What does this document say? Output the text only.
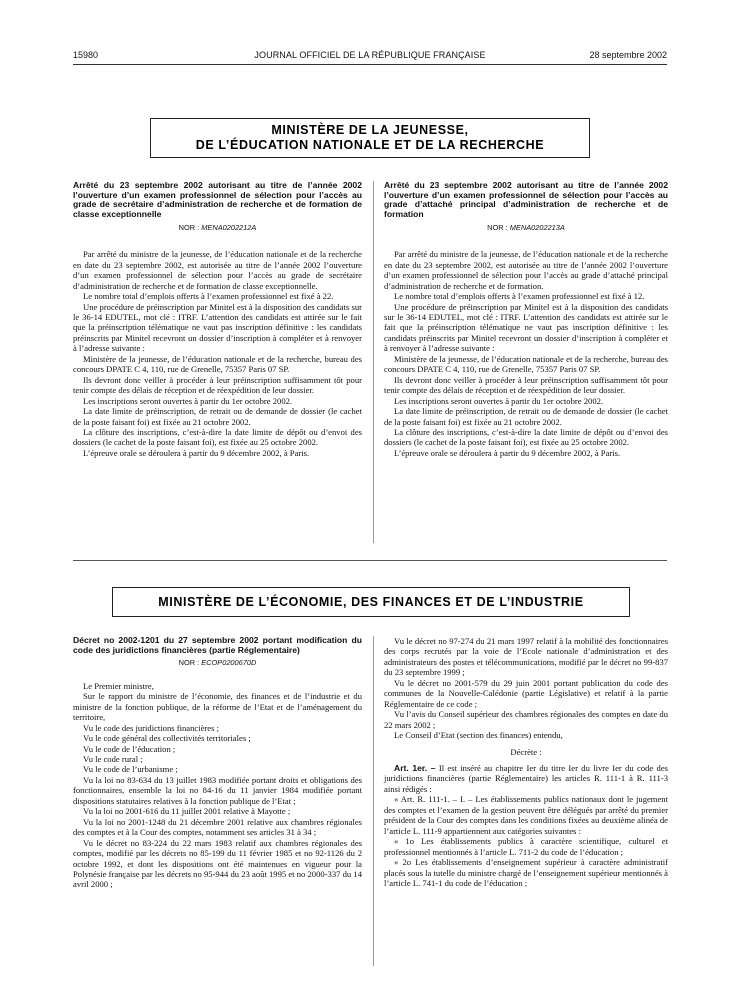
15980	JOURNAL OFFICIEL DE LA RÉPUBLIQUE FRANÇAISE	28 septembre 2002
MINISTÈRE DE LA JEUNESSE,
DE L’ÉDUCATION NATIONALE ET DE LA RECHERCHE
Arrêté du 23 septembre 2002 autorisant au titre de l’année 2002 l’ouverture d’un examen professionnel de sélection pour l’accès au grade de secrétaire d’administration de recherche et de formation de classe exceptionnelle
NOR : MENA0202212A

Par arrêté du ministre de la jeunesse, de l’éducation nationale et de la recherche en date du 23 septembre 2002, est autorisée au titre de l’année 2002 l’ouverture d’un examen professionnel de sélection pour l’accès au grade de secrétaire d’administration de recherche et de formation de classe exceptionnelle.

Le nombre total d’emplois offerts à l’examen professionnel est fixé à 22.

Une procédure de préinscription par Minitel est à la disposition des candidats sur le 36-14 EDUTEL, mot clé : ITRF. L’attention des candidats est attirée sur le fait que la préinscription télématique ne vaut pas inscription définitive : les candidats préinscrits par Minitel recevront un dossier d’inscription à compléter et à renvoyer à l’adresse suivante :

Ministère de la jeunesse, de l’éducation nationale et de la recherche, bureau des concours DPATE C 4, 110, rue de Grenelle, 75357 Paris 07 SP.

Ils devront donc veiller à procéder à leur préinscription suffisamment tôt pour tenir compte des délais de réception et de réexpédition de leur dossier.

Les inscriptions seront ouvertes à partir du 1er octobre 2002.

La date limite de préinscription, de retrait ou de demande de dossier (le cachet de la poste faisant foi) est fixée au 21 octobre 2002.

La clôture des inscriptions, c’est-à-dire la date limite de dépôt ou d’envoi des dossiers (le cachet de la poste faisant foi), est fixée au 25 octobre 2002.

L’épreuve orale se déroulera à partir du 9 décembre 2002, à Paris.

Arrêté du 23 septembre 2002 autorisant au titre de l’année 2002 l’ouverture d’un examen professionnel de sélection pour l’accès au grade d’attaché principal d’administration de recherche et de formation
NOR : MENA0202213A

Par arrêté du ministre de la jeunesse, de l’éducation nationale et de la recherche en date du 23 septembre 2002, est autorisée au titre de l’année 2002 l’ouverture d’un examen professionnel de sélection pour l’accès au grade d’attaché principal d’administration de recherche et de formation.

Le nombre total d’emplois offerts à l’examen professionnel est fixé à 12.

Une procédure de préinscription par Minitel est à la disposition des candidats sur le 36-14 EDUTEL, mot clé : ITRF. L’attention des candidats est attirée sur le fait que la préinscription télématique ne vaut pas inscription définitive : les candidats préinscrits par Minitel recevront un dossier d’inscription à compléter et à renvoyer à l’adresse suivante :

Ministère de la jeunesse, de l’éducation nationale et de la recherche, bureau des concours DPATE C 4, 110, rue de Grenelle, 75357 Paris 07 SP.

Ils devront donc veiller à procéder à leur préinscription suffisamment tôt pour tenir compte des délais de réception et de réexpédition de leur dossier.

Les inscriptions seront ouvertes à partir du 1er octobre 2002.

La date limite de préinscription, de retrait ou de demande de dossier (le cachet de la poste faisant foi) est fixée au 21 octobre 2002.

La clôture des inscriptions, c’est-à-dire la date limite de dépôt ou d’envoi des dossiers (le cachet de la poste faisant foi), est fixée au 25 octobre 2002.

L’épreuve orale se déroulera à partir du 9 décembre 2002, à Paris.

MINISTÈRE DE L’ÉCONOMIE, DES FINANCES ET DE L’INDUSTRIE
Décret no 2002-1201 du 27 septembre 2002 portant modification du code des juridictions financières (partie Réglementaire)
NOR : ECOP0200670D

Le Premier ministre,

Sur le rapport du ministre de l’économie, des finances et de l’industrie et du ministre de la fonction publique, de la réforme de l’Etat et de l’aménagement du territoire,

Vu le code des juridictions financières ;

Vu le code général des collectivités territoriales ;

Vu le code de l’éducation ;

Vu le code rural ;

Vu le code de l’urbanisme ;

Vu la loi no 83-634 du 13 juillet 1983 modifiée portant droits et obligations des fonctionnaires, ensemble la loi no 84-16 du 11 janvier 1984 modifiée portant dispositions statutaires relatives à la fonction publique de l’Etat ;

Vu la loi no 2001-616 du 11 juillet 2001 relative à Mayotte ;

Vu la loi no 2001-1248 du 21 décembre 2001 relative aux chambres régionales des comptes et à la Cour des comptes, notamment ses articles 31 à 34 ;

Vu le décret no 83-224 du 22 mars 1983 relatif aux chambres régionales des comptes, modifié par les décrets no 85-199 du 11 février 1985 et no 92-1126 du 2 octobre 1992, et dont les dispositions ont été maintenues en vigueur pour la Polynésie française par les décrets no 95-944 du 23 août 1995 et no 2000-337 du 14 avril 2000 ;

Vu le décret no 97-274 du 21 mars 1997 relatif à la mobilité des fonctionnaires des corps recrutés par la voie de l’Ecole nationale d’administration et des administrateurs des postes et télécommunications, modifié par le décret no 99-837 du 23 septembre 1999 ;

Vu le décret no 2001-579 du 29 juin 2001 portant publication du code des communes de la Nouvelle-Calédonie (partie Législative) et relatif à la partie Réglementaire de ce code ;

Vu l’avis du Conseil supérieur des chambres régionales des comptes en date du 22 mars 2002 ;

Le Conseil d’Etat (section des finances) entendu,

Décrète :

Art. 1er. – Il est inséré au chapitre Ier du titre Ier du livre Ier du code des juridictions financières (partie Réglementaire) les articles R. 111-1 à R. 111-3 ainsi rédigés :

« Art. R. 111-1. – I. – Les établissements publics nationaux dont le jugement des comptes et l’examen de la gestion peuvent être délégués par arrêté du premier président de la Cour des comptes dans les conditions fixées au deuxième alinéa de l’article L. 111-9 appartiennent aux catégories suivantes :

« 1o Les établissements publics à caractère scientifique, culturel et professionnel mentionnés à l’article L. 711-2 du code de l’éducation ;

« 2o Les établissements d’enseignement supérieur à caractère administratif placés sous la tutelle du ministre chargé de l’enseignement supérieur mentionnés à l’article L. 741-1 du code de l’éducation ;
